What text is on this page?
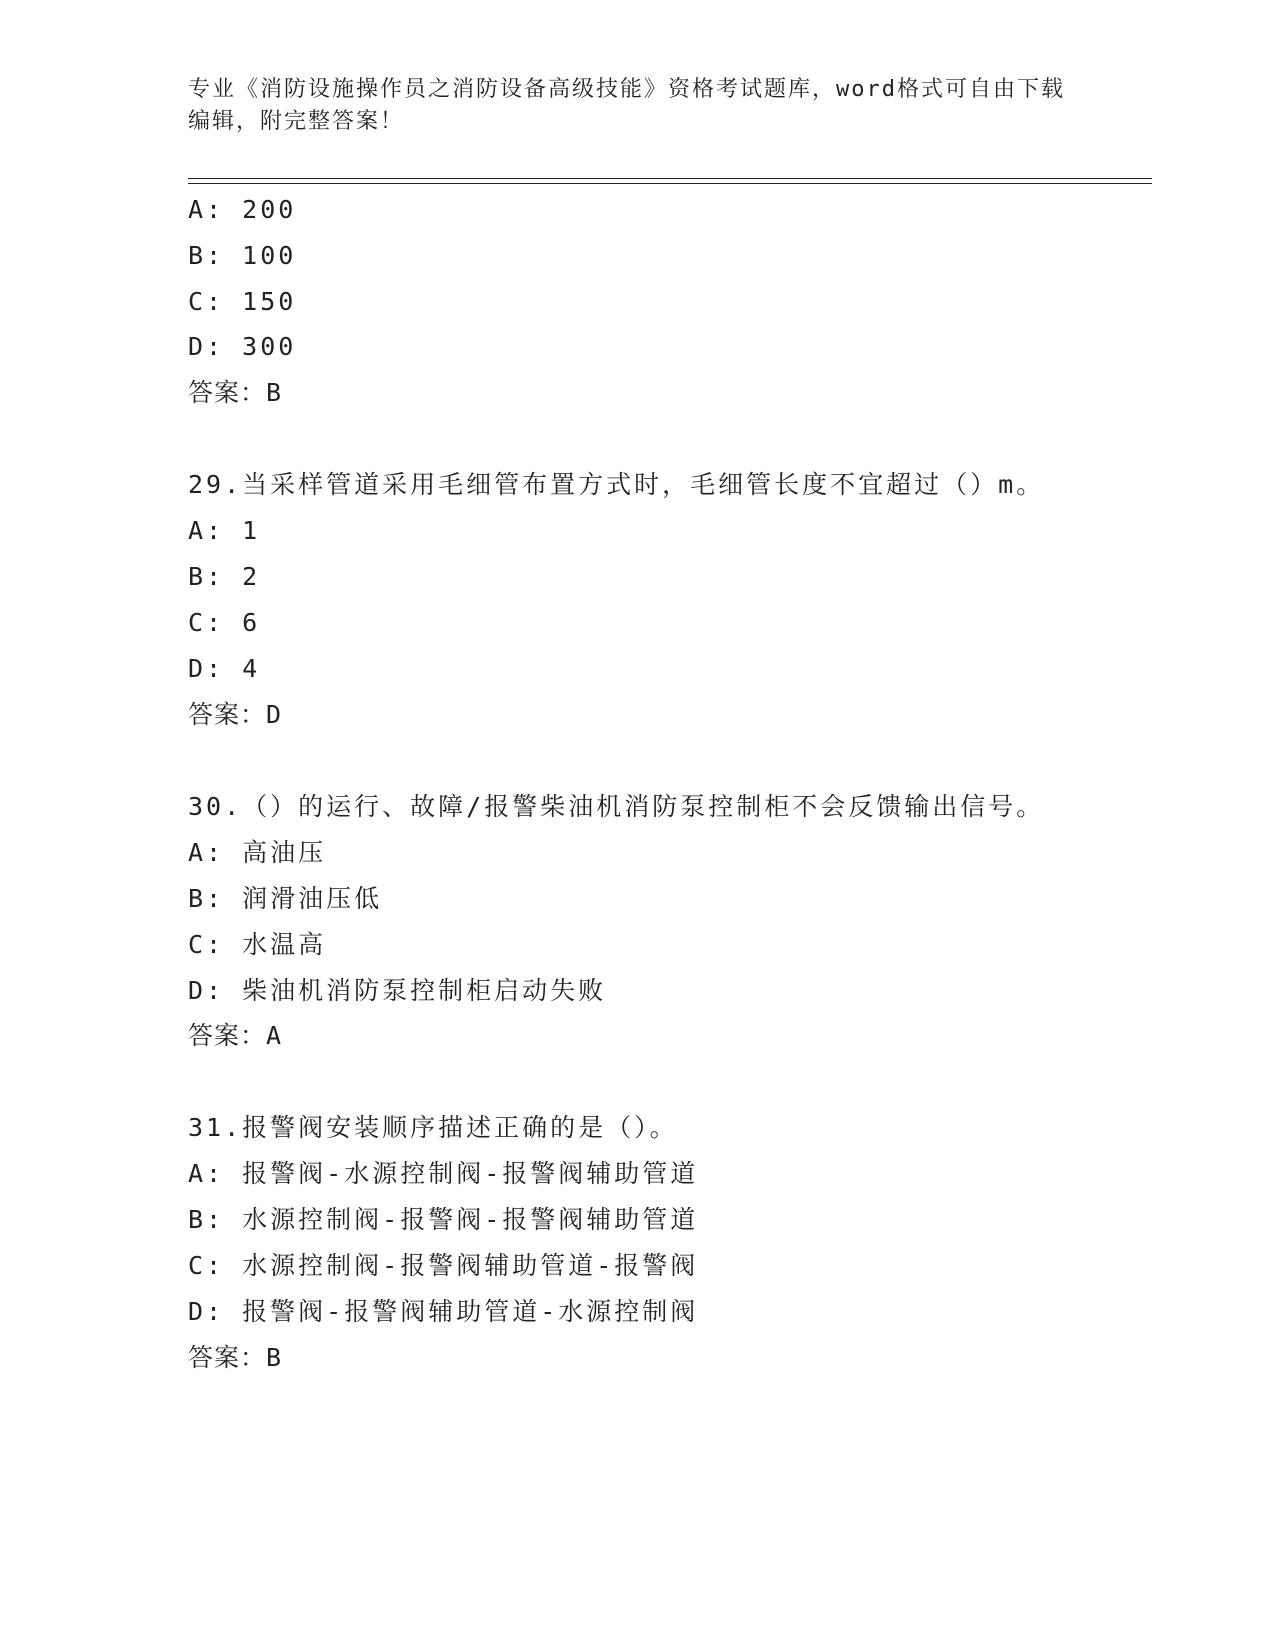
专业《消防设施操作员之消防设备高级技能》资格考试题库，word格式可自由下载编辑，附完整答案！
A: 200
B: 100
C: 150
D: 300
答案：B
29.当采样管道采用毛细管布置方式时，毛细管长度不宜超过（）m。
A: 1
B: 2
C: 6
D: 4
答案：D
30.（）的运行、故障/报警柴油机消防泵控制柜不会反馈输出信号。
A: 高油压
B: 润滑油压低
C: 水温高
D: 柴油机消防泵控制柜启动失败
答案：A
31.报警阀安装顺序描述正确的是（）。
A: 报警阀-水源控制阀-报警阀辅助管道
B: 水源控制阀-报警阀-报警阀辅助管道
C: 水源控制阀-报警阀辅助管道-报警阀
D: 报警阀-报警阀辅助管道-水源控制阀
答案：B
